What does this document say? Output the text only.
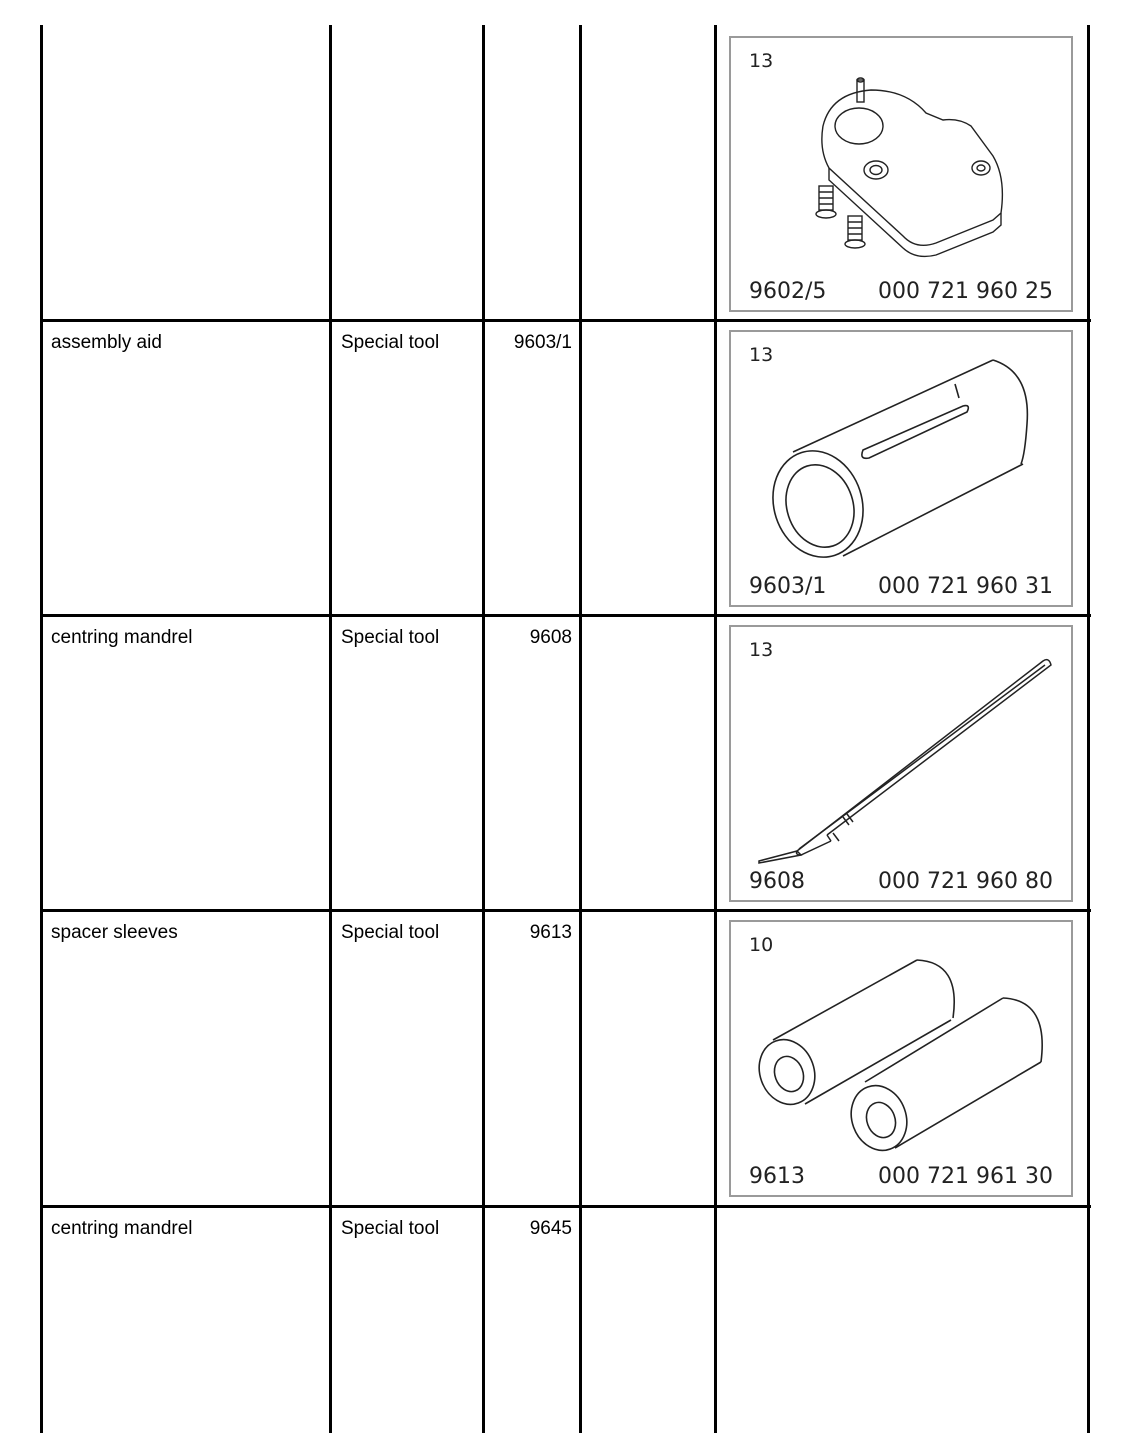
13
9602/5 000 721 960 25
assembly aid	Special tool	9603/1
13
9603/1 000 721 960 31
centring mandrel	Special tool	9608
13
9608	000 721 960 80
spacer sleeves	Special tool	9613
10
9613	000 721 961 30
centring mandrel	Special tool	9645
